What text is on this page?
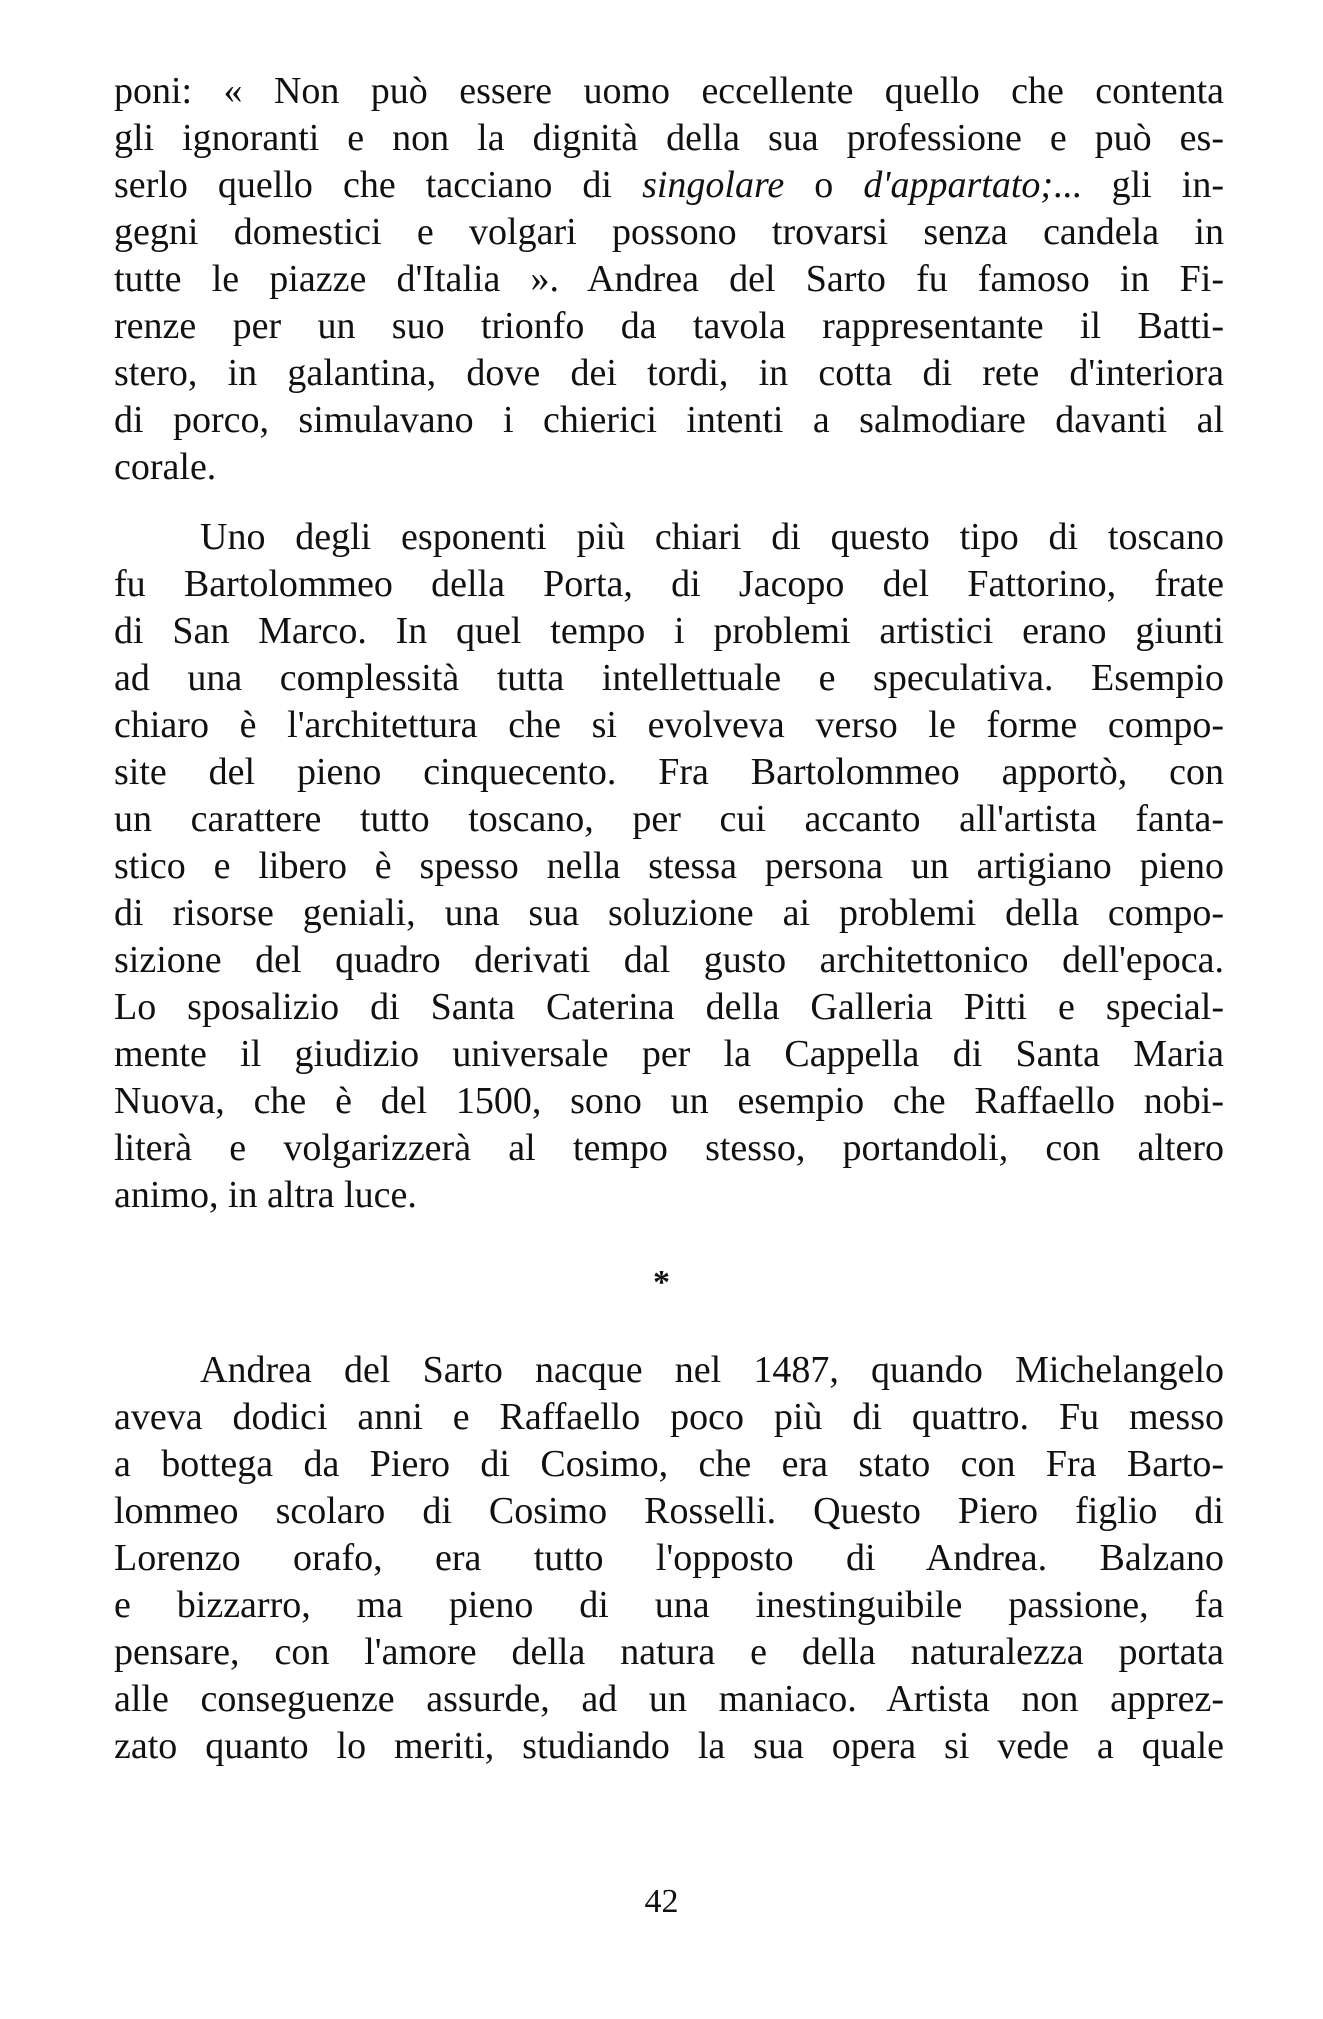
poni: « Non può essere uomo eccellente quello che contenta
gli ignoranti e non la dignità della sua professione e può es-
serlo quello che tacciano di singolare o d'appartato;... gli in-
gegni domestici e volgari possono trovarsi senza candela in
tutte le piazze d'Italia ». Andrea del Sarto fu famoso in Fi-
renze per un suo trionfo da tavola rappresentante il Batti-
stero, in galantina, dove dei tordi, in cotta di rete d'interiora
di porco, simulavano i chierici intenti a salmodiare davanti al
corale.
Uno degli esponenti più chiari di questo tipo di toscano
fu Bartolommeo della Porta, di Jacopo del Fattorino, frate
di San Marco. In quel tempo i problemi artistici erano giunti
ad una complessità tutta intellettuale e speculativa. Esempio
chiaro è l'architettura che si evolveva verso le forme compo-
site del pieno cinquecento. Fra Bartolommeo apportò, con
un carattere tutto toscano, per cui accanto all'artista fanta-
stico e libero è spesso nella stessa persona un artigiano pieno
di risorse geniali, una sua soluzione ai problemi della compo-
sizione del quadro derivati dal gusto architettonico dell'epoca.
Lo sposalizio di Santa Caterina della Galleria Pitti e special-
mente il giudizio universale per la Cappella di Santa Maria
Nuova, che è del 1500, sono un esempio che Raffaello nobi-
literà e volgarizzerà al tempo stesso, portandoli, con altero
animo, in altra luce.
*
Andrea del Sarto nacque nel 1487, quando Michelangelo
aveva dodici anni e Raffaello poco più di quattro. Fu messo
a bottega da Piero di Cosimo, che era stato con Fra Barto-
lommeo scolaro di Cosimo Rosselli. Questo Piero figlio di
Lorenzo orafo, era tutto l'opposto di Andrea. Balzano
e bizzarro, ma pieno di una inestinguibile passione, fa
pensare, con l'amore della natura e della naturalezza portata
alle conseguenze assurde, ad un maniaco. Artista non apprez-
zato quanto lo meriti, studiando la sua opera si vede a quale
42
